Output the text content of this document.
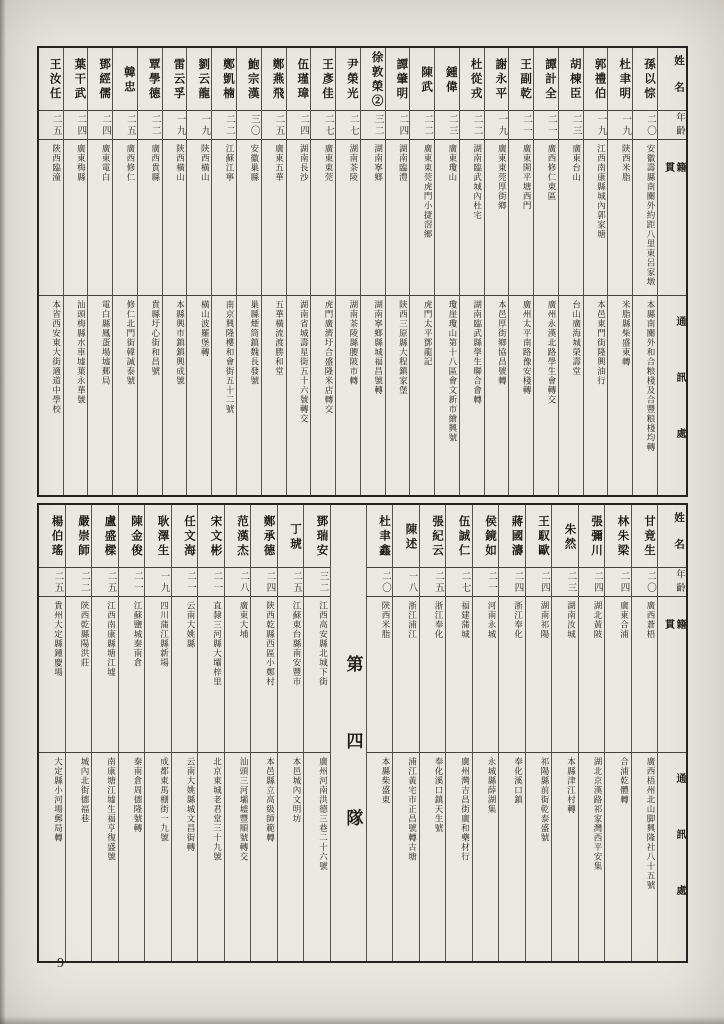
姓名
年齡
籍貫
通訊處
孫以悰
二〇
安徽壽縣南關外約距八里東呂家墩
本縣南關外和合粮棧及合豐粮棧均轉
杜聿明
一九
陝西米脂
米脂縣柴盛東轉
郭禮伯
一九
江西南康縣城內郭家塘
本邑東門街隆興油行
胡棟臣
二三
廣東台山
台山廣海城榮壽堂
譚計全
二一
廣西修仁東區
廣州永漢北路學生會轉交
王副乾
二一
廣東開平塘西門
廣州太平南路豫安棧轉
謝永平
一九
廣東東莞厚街鄉
本邑厚街鄉協昌號轉
杜從戎
二二
湖南臨武城內杜宅
湖南臨武縣學生聯合會轉
鍾偉
二三
廣東瓊山
瓊崖瓊山第十八區會文新市繪興號
陳武
二二
廣東東莞虎門小捷滘鄉
虎門太平鄧龍記
譚肇明
二四
湖南臨澧
陝西三原縣大程鎮家堡
徐敦榮②
三二
湖南寧鄉
湖南寧鄉縣城福昌號轉
尹榮光
二七
湖南茶陵
湖南茶陵縣腰陂市轉
王彥佳
二七
廣東東莞
虎門廣濟圩合盛隆米店轉交
伍瑾璋
二四
湖南長沙
湖南省城壽星街五十六號轉交
鄭燕飛
二五
廣東五華
五華橫流渡勝和堂
鮑宗漢
三〇
安徽巢縣
巢縣煙筒鎮魏長發號
鄭凱楠
二二
江蘇江寧
南京興隆樓和會街五十二號
劉云龍
一九
陝西橫山
橫山波羅堡轉
雷云孚
一九
陝西橫山
本縣興市鎮鎮興成號
覃學德
二二
廣西貴縣
貴縣圩心街和昌號
韓忠
二五
廣西修仁
修仁北門街韓誠泰號
鄧經儒
二四
廣東電白
電白縣鳳蛋場墟郵局
葉干武
二四
廣東梅縣
汕頭梅縣水車墟葉永華號
王汝任
二五
陝西臨潼
本省西安東大街適道中學校
姓名
年齡
籍貫
通訊處
甘竟生
二〇
廣西蒼梧
廣西梧州北山脚興隆社八十五號
林朱梁
二四
廣東合浦
合浦乾體轉
張彌川
二四
湖北黃陂
湖北京漢路祁家灣西平安集
朱然
二三
湖南汝城
本縣津江村轉
王馭歐
二四
湖南祁陽
祁陽縣前街乾泰盛號
蔣國濤
二四
浙江奉化
奉化溪口鎮
侯鏡如
二一
河南永城
永城縣薛湖集
伍誠仁
二七
福建蒲城
廣州灣吉昌街廣和藥材行
張紀云
二五
浙江奉化
奉化溪口鎮天生號
陳述
一八
浙江浦江
浦江黃宅市正昌號轉古塘
杜聿鑫
二〇
陝西米脂
本縣柴盛東
第四隊
鄧瑞安
三二
江西高安縣北城下街
廣州河南洪德三巷二十六號
丁琥
二五
江蘇東台縣南安豐市
本邑城內文明坊
鄭承德
二四
陝西乾縣西區小鄭村
本邑縣立高級師範轉
范漢杰
二八
廣東大埔
汕頭三河壩墟豐順號轉交
宋文彬
二一
直隸三河縣大壩梓里
北京東城老君堂三十九號
任文海
二一
云南大姚縣
云南大姚縣城文昌街轉
耿澤生
一九
四川蒲江縣新場
成都東馬棚街一九號
陳金俊
二一
江蘇鹽城秦南倉
秦南倉周德隆號轉
盧盛樑
二五
江西南康縣塘江墟
南康塘江墟生福亨復盛號
嚴崇師
二二
陝西乾縣陽洪莊
城內北街德福巷
楊伯瑤
二五
貴州大定縣鍾慶場
大定縣小河場郵局轉
9
